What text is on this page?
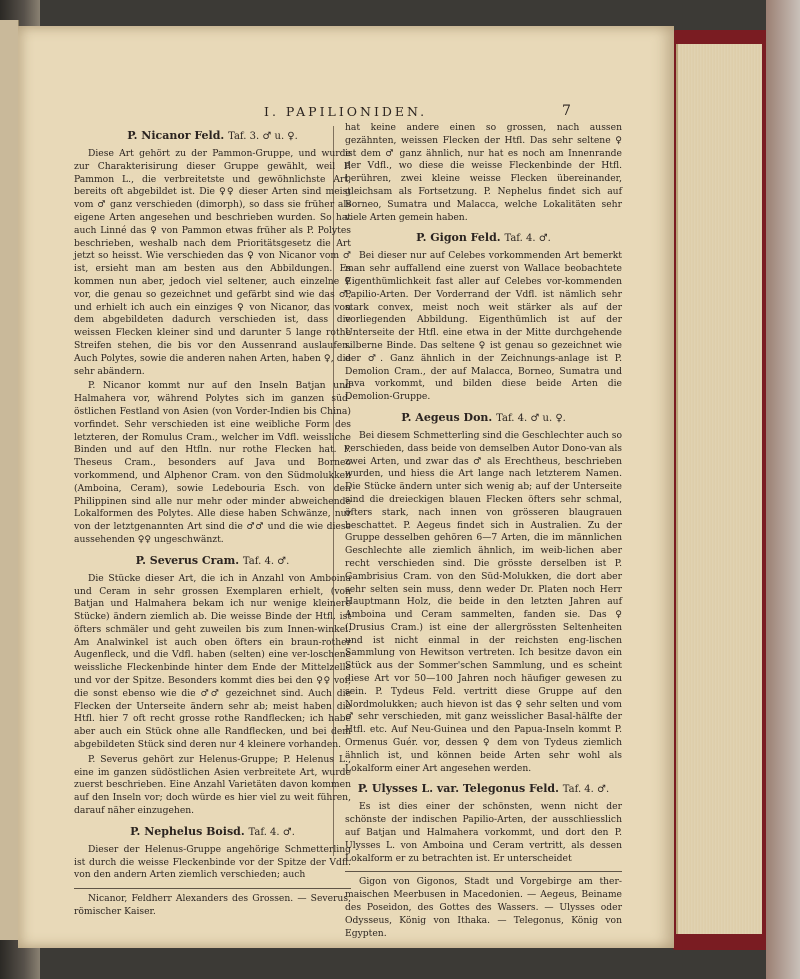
I. PAPILIONIDEN.	7
P. Nicanor Feld. Taf. 3. ♂ u. ♀.

Diese Art gehört zu der Pammon-Gruppe, und wurde zur Charakterisirung dieser Gruppe gewählt, weil P. Pammon L., die verbreitetste und gewöhnlichste Art, bereits oft abgebildet ist. Die ♀♀ dieser Arten sind meist vom ♂ ganz verschieden (dimorph), so dass sie früher als eigene Arten angesehen und beschrieben wurden. So hat auch Linné das ♀ von Pammon etwas früher als P. Polytes beschrieben, weshalb nach dem Prioritätsgesetz die Art jetzt so heisst. Wie verschieden das ♀ von Nicanor vom ♂ ist, ersieht man am besten aus den Abbildungen. Es kommen nun aber, jedoch viel seltener, auch einzelne ♀ vor, die genau so gezeichnet und gefärbt sind wie das ♂, und erhielt ich auch ein einziges ♀ von Nicanor, das von dem abgebildeten dadurch verschieden ist, dass die weissen Flecken kleiner sind und darunter 5 lange rothe Streifen stehen, die bis vor den Aussenrand auslaufen. Auch Polytes, sowie die anderen nahen Arten, haben ♀, die sehr abändern.

P. Nicanor kommt nur auf den Inseln Batjan und Halmahera vor, während Polytes sich im ganzen süd-östlichen Festland von Asien (von Vorder-Indien bis China) vorfindet. Sehr verschieden ist eine weibliche Form des letzteren, der Romulus Cram., welcher im Vdfl. weissliche Binden und auf den Htfln. nur rothe Flecken hat. P. Theseus Cram., besonders auf Java und Borneo vorkommend, und Alphenor Cram. von den Südmolukken (Amboina, Ceram), sowie Ledebouria Esch. von den Philippinen sind alle nur mehr oder minder abweichende Lokalformen des Polytes. Alle diese haben Schwänze, nur von der letztgenannten Art sind die ♂♂ und die wie diese aussehenden ♀♀ ungeschwänzt.

P. Severus Cram. Taf. 4. ♂.

Die Stücke dieser Art, die ich in Anzahl von Amboina und Ceram in sehr grossen Exemplaren erhielt, (von Batjan und Halmahera bekam ich nur wenige kleinere Stücke) ändern ziemlich ab. Die weisse Binde der Htfl. ist öfters schmäler und geht zuweilen bis zum Innen-winkel. Am Analwinkel ist auch oben öfters ein braun-rother Augenfleck, und die Vdfl. haben (selten) eine ver-loschene weissliche Fleckenbinde hinter dem Ende der Mittelzelle und vor der Spitze. Besonders kommt dies bei den ♀♀ vor, die sonst ebenso wie die ♂♂ gezeichnet sind. Auch die Flecken der Unterseite ändern sehr ab; meist haben die Htfl. hier 7 oft recht grosse rothe Randflecken; ich habe aber auch ein Stück ohne alle Randflecken, und bei dem abgebildeten Stück sind deren nur 4 kleinere vorhanden.

P. Severus gehört zur Helenus-Gruppe; P. Helenus L., eine im ganzen südöstlichen Asien verbreitete Art, wurde zuerst beschrieben. Eine Anzahl Varietäten davon kommen auf den Inseln vor; doch würde es hier viel zu weit führen, darauf näher einzugehen.

P. Nephelus Boisd. Taf. 4. ♂.

Dieser der Helenus-Gruppe angehörige Schmetterling ist durch die weisse Fleckenbinde vor der Spitze der Vdfl. von den andern Arten ziemlich verschieden; auch

Nicanor, Feldherr Alexanders des Grossen. — Severus, römischer Kaiser.

hat keine andere einen so grossen, nach aussen gezähnten, weissen Flecken der Htfl. Das sehr seltene ♀ ist dem ♂ ganz ähnlich, nur hat es noch am Innenrande der Vdfl., wo diese die weisse Fleckenbinde der Htfl. berühren, zwei kleine weisse Flecken übereinander, gleichsam als Fortsetzung. P. Nephelus findet sich auf Borneo, Sumatra und Malacca, welche Lokalitäten sehr viele Arten gemein haben.

P. Gigon Feld. Taf. 4. ♂.

Bei dieser nur auf Celebes vorkommenden Art bemerkt man sehr auffallend eine zuerst von Wallace beobachtete Eigenthümlichkeit fast aller auf Celebes vor-kommenden Papilio-Arten. Der Vorderrand der Vdfl. ist nämlich sehr stark convex, meist noch weit stärker als auf der vorliegenden Abbildung. Eigenthümlich ist auf der Unterseite der Htfl. eine etwa in der Mitte durchgehende silberne Binde. Das seltene ♀ ist genau so gezeichnet wie der ♂. Ganz ähnlich in der Zeichnungs-anlage ist P. Demolion Cram., der auf Malacca, Borneo, Sumatra und Java vorkommt, und bilden diese beide Arten die Demolion-Gruppe.

P. Aegeus Don. Taf. 4. ♂ u. ♀.

Bei diesem Schmetterling sind die Geschlechter auch so verschieden, dass beide von demselben Autor Dono-van als zwei Arten, und zwar das ♂ als Erechtheus, beschrieben wurden, und hiess die Art lange nach letzterem Namen. Die Stücke ändern unter sich wenig ab; auf der Unterseite sind die dreieckigen blauen Flecken öfters sehr schmal, öfters stark, nach innen von grösseren blaugrauen beschattet. P. Aegeus findet sich in Australien. Zu der Gruppe desselben gehören 6—7 Arten, die im männlichen Geschlechte alle ziemlich ähnlich, im weib-lichen aber recht verschieden sind. Die grösste derselben ist P. Gambrisius Cram. von den Süd-Molukken, die dort aber sehr selten sein muss, denn weder Dr. Platen noch Herr Hauptmann Holz, die beide in den letzten Jahren auf Amboina und Ceram sammelten, fanden sie. Das ♀ (Drusius Cram.) ist eine der allergrössten Seltenheiten und ist nicht einmal in der reichsten eng-lischen Sammlung von Hewitson vertreten. Ich besitze davon ein Stück aus der Sommer'schen Sammlung, und es scheint diese Art vor 50—100 Jahren noch häufiger gewesen zu sein. P. Tydeus Feld. vertritt diese Gruppe auf den Nordmolukken; auch hievon ist das ♀ sehr selten und vom ♂ sehr verschieden, mit ganz weisslicher Basal-hälfte der Htfl. etc. Auf Neu-Guinea und den Papua-Inseln kommt P. Ormenus Guér. vor, dessen ♀ dem von Tydeus ziemlich ähnlich ist, und können beide Arten sehr wohl als Lokalform einer Art angesehen werden.

P. Ulysses L. var. Telegonus Feld. Taf. 4. ♂.

Es ist dies einer der schönsten, wenn nicht der schönste der indischen Papilio-Arten, der ausschliesslich auf Batjan und Halmahera vorkommt, und dort den P. Ulysses L. von Amboina und Ceram vertritt, als dessen Lokalform er zu betrachten ist. Er unterscheidet

Gigon von Gigonos, Stadt und Vorgebirge am ther-maischen Meerbusen in Macedonien. — Aegeus, Beiname des Poseidon, des Gottes des Wassers. — Ulysses oder Odysseus, König von Ithaka. — Telegonus, König von Egypten.
